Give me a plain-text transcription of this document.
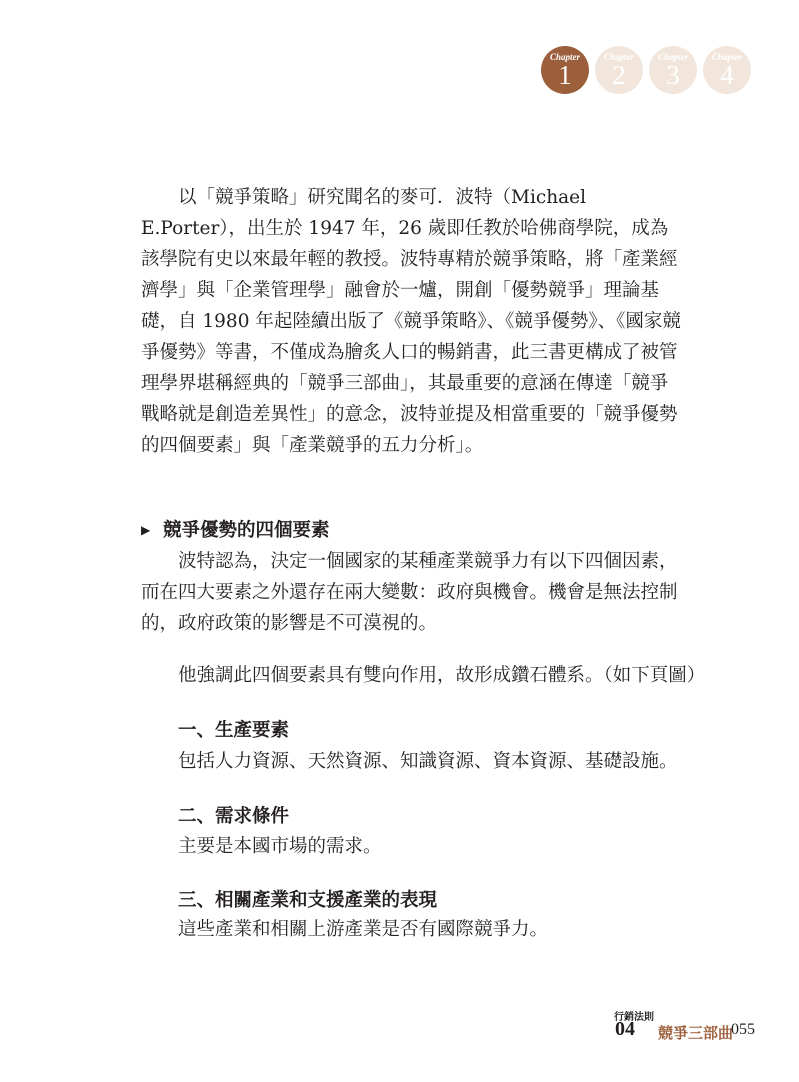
Chapter
1
Chapter
2
Chapter
3
Chapter
4

以「競爭策略」研究聞名的麥可．波特（Michael E.Porter），出生於 1947 年，26 歲即任教於哈佛商學院，成為該學院有史以來最年輕的教授。波特專精於競爭策略，將「產業經濟學」與「企業管理學」融會於一爐，開創「優勢競爭」理論基礎，自 1980 年起陸續出版了《競爭策略》、《競爭優勢》、《國家競爭優勢》等書，不僅成為膾炙人口的暢銷書，此三書更構成了被管理學界堪稱經典的「競爭三部曲」，其最重要的意涵在傳達「競爭戰略就是創造差異性」的意念，波特並提及相當重要的「競爭優勢的四個要素」與「產業競爭的五力分析」。

▶ 競爭優勢的四個要素

波特認為，決定一個國家的某種產業競爭力有以下四個因素，而在四大要素之外還存在兩大變數：政府與機會。機會是無法控制的，政府政策的影響是不可漠視的。

他強調此四個要素具有雙向作用，故形成鑽石體系。（如下頁圖）
一、生產要素
包括人力資源、天然資源、知識資源、資本資源、基礎設施。
二、需求條件
主要是本國市場的需求。
三、相關產業和支援產業的表現
這些產業和相關上游產業是否有國際競爭力。
行銷法則
04 競爭三部曲
055
